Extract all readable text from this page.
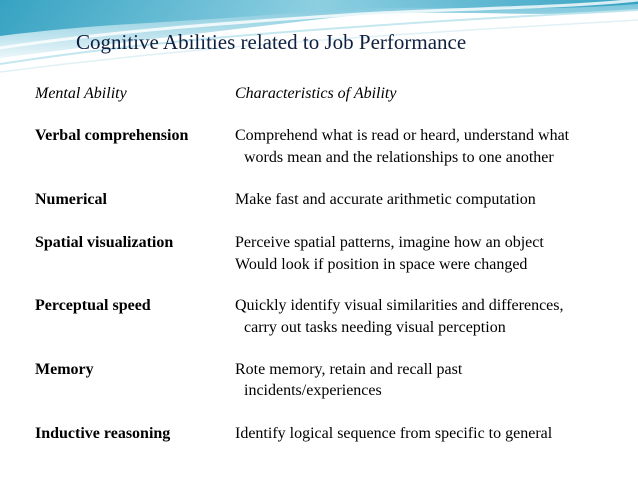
Cognitive Abilities related to Job Performance
Mental Ability	Characteristics of Ability
Verbal comprehension	Comprehend what is read or heard, understand what
words mean and the relationships to one another
Numerical	Make fast and accurate arithmetic computation
Spatial visualization	Perceive spatial patterns, imagine how an object
Would look if position in space were changed
Perceptual speed	Quickly identify visual similarities and differences,
carry out tasks needing visual perception
Memory	Rote memory, retain and recall past
incidents/experiences
Inductive reasoning	Identify logical sequence from specific to general
